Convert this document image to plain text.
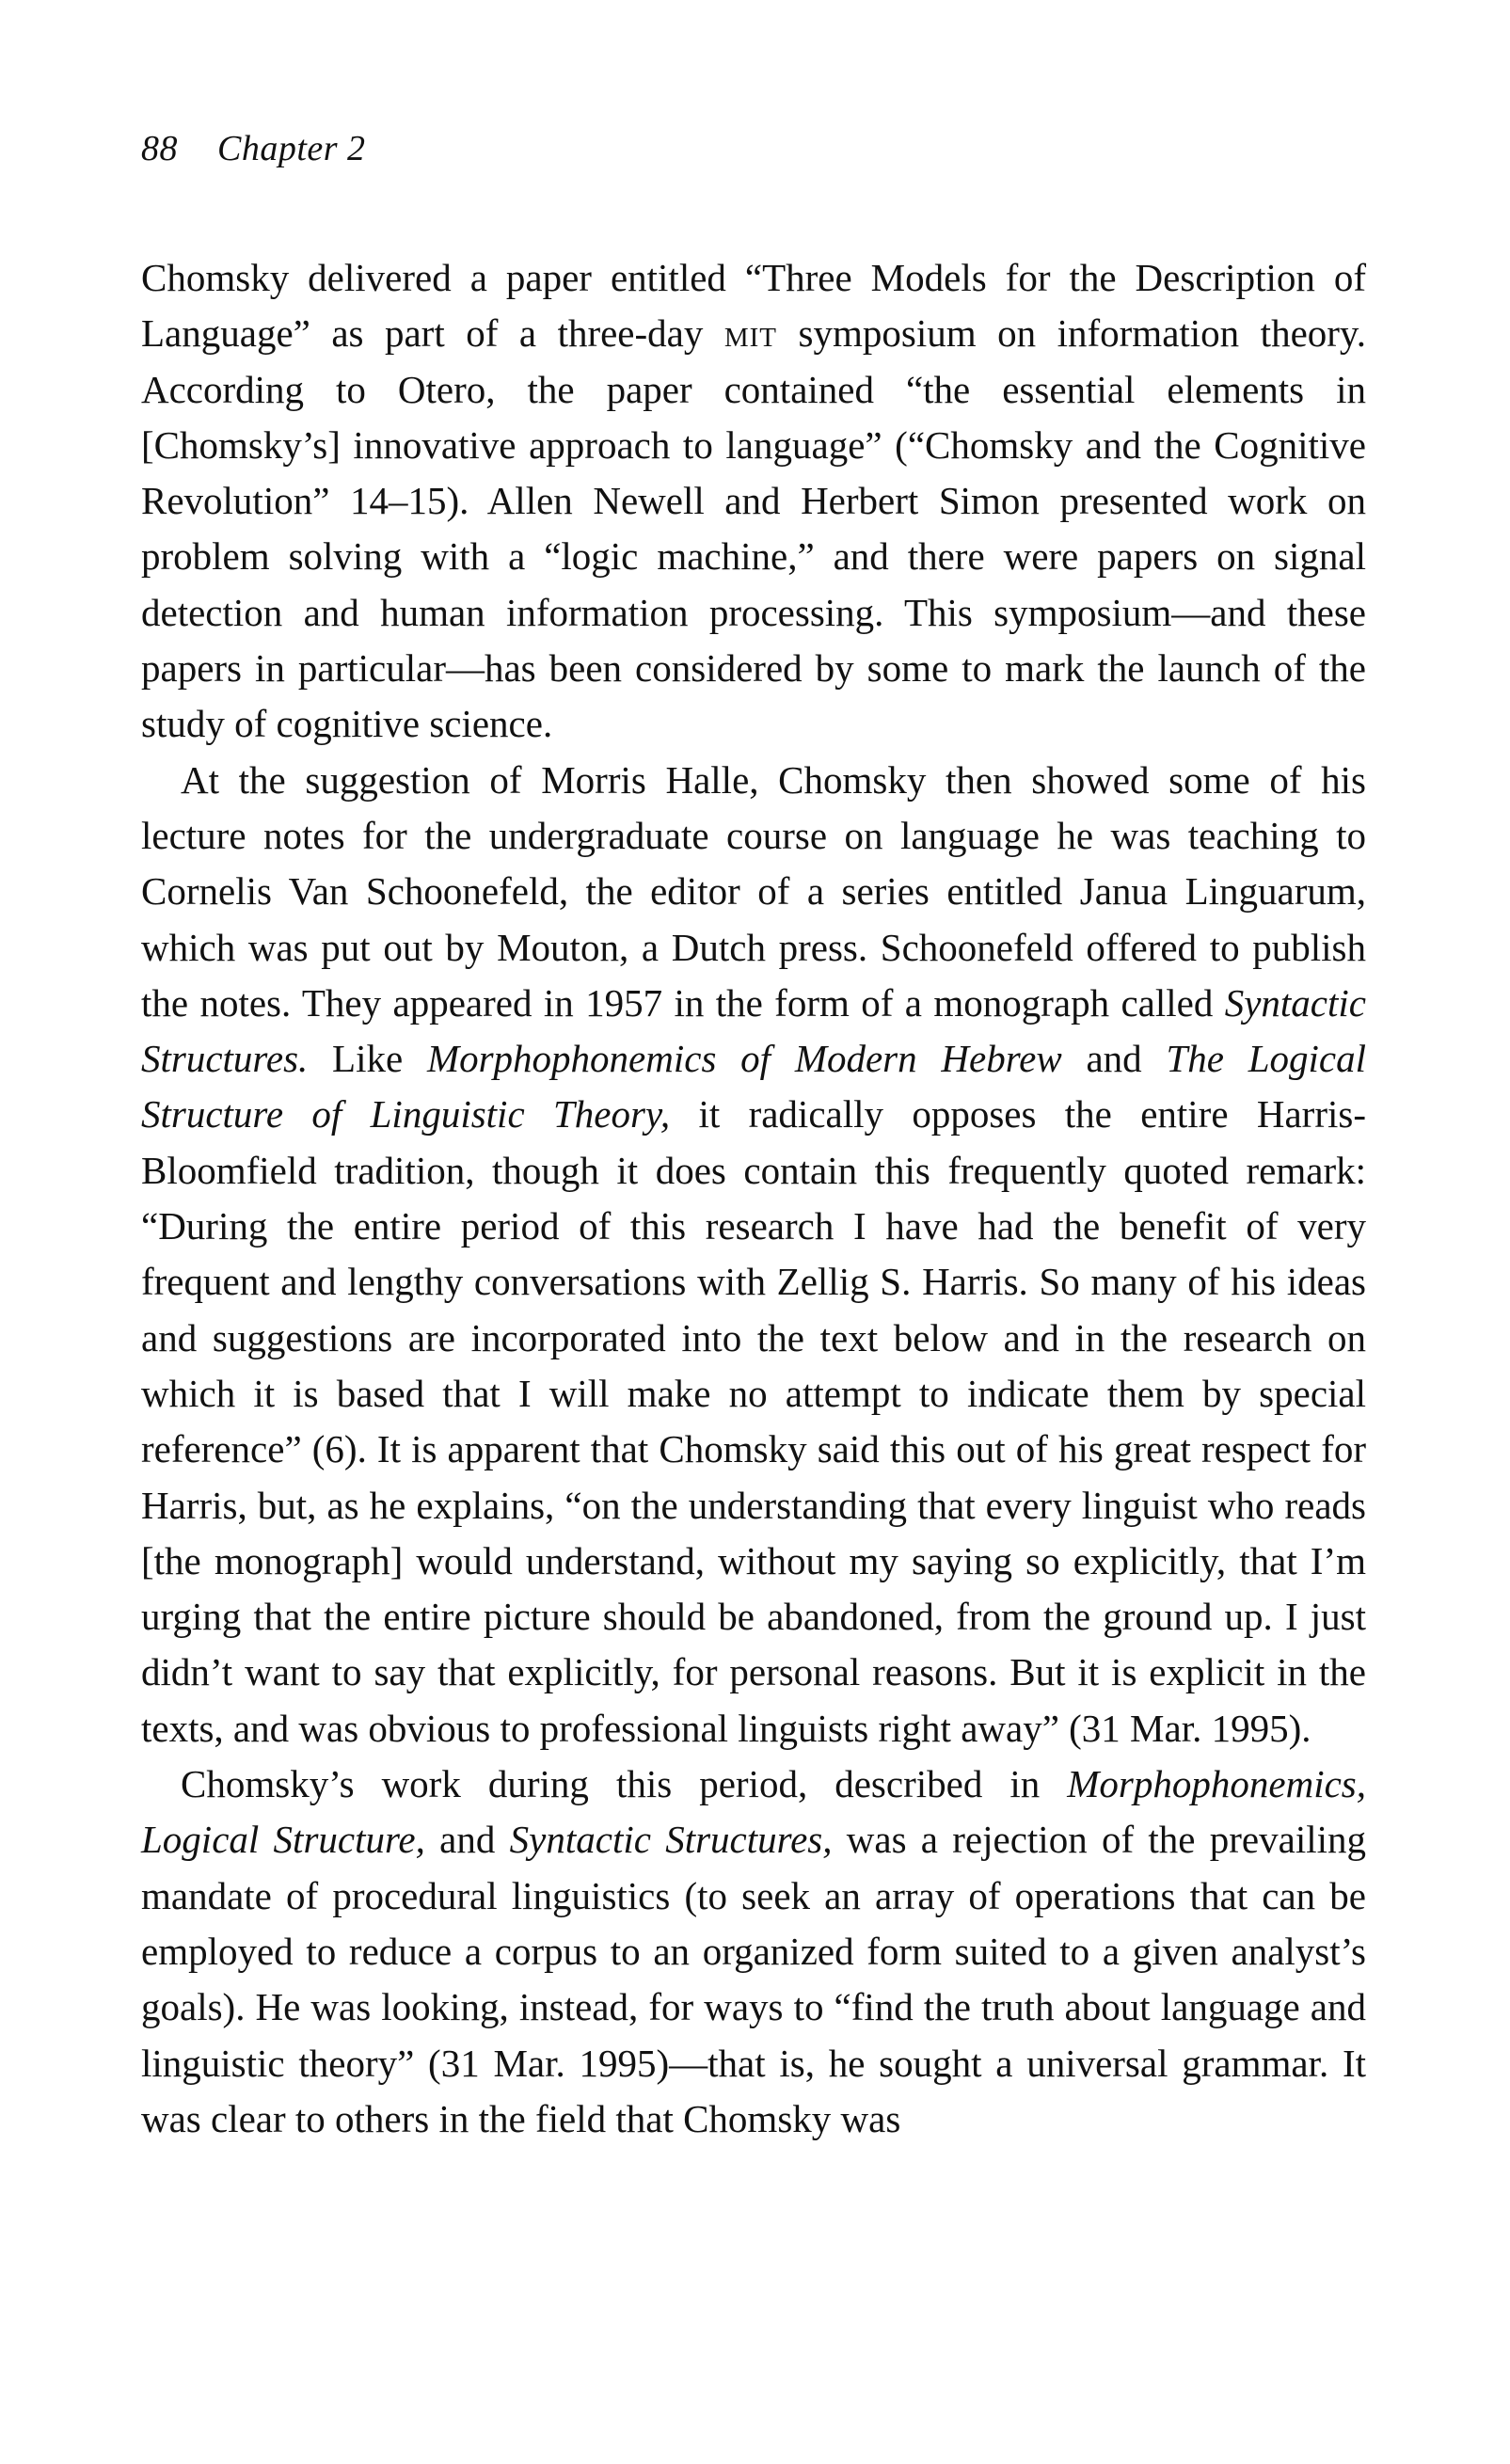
88 Chapter 2

Chomsky delivered a paper entitled “Three Models for the Description of Language” as part of a three-day mit symposium on information theory. According to Otero, the paper contained “the essential elements in [Chomsky’s] innovative approach to language” (“Chomsky and the Cognitive Revolution” 14–15). Allen Newell and Herbert Simon presented work on problem solving with a “logic machine,” and there were papers on signal detection and human information processing. This symposium—and these papers in particular—has been considered by some to mark the launch of the study of cognitive science.

At the suggestion of Morris Halle, Chomsky then showed some of his lecture notes for the undergraduate course on language he was teaching to Cornelis Van Schoonefeld, the editor of a series entitled Janua Linguarum, which was put out by Mouton, a Dutch press. Schoonefeld offered to publish the notes. They appeared in 1957 in the form of a monograph called Syntactic Structures. Like Morphophonemics of Modern Hebrew and The Logical Structure of Linguistic Theory, it radically opposes the entire Harris-Bloomfield tradition, though it does contain this frequently quoted remark: “During the entire period of this research I have had the benefit of very frequent and lengthy conversations with Zellig S. Harris. So many of his ideas and suggestions are incorporated into the text below and in the research on which it is based that I will make no attempt to indicate them by special reference” (6). It is apparent that Chomsky said this out of his great respect for Harris, but, as he explains, “on the understanding that every linguist who reads [the monograph] would understand, without my saying so explicitly, that I’m urging that the entire picture should be abandoned, from the ground up. I just didn’t want to say that explicitly, for personal reasons. But it is explicit in the texts, and was obvious to professional linguists right away” (31 Mar. 1995).

Chomsky’s work during this period, described in Morphophonemics, Logical Structure, and Syntactic Structures, was a rejection of the prevailing mandate of procedural linguistics (to seek an array of operations that can be employed to reduce a corpus to an organized form suited to a given analyst’s goals). He was looking, instead, for ways to “find the truth about language and linguistic theory” (31 Mar. 1995)—that is, he sought a universal grammar. It was clear to others in the field that Chomsky was
